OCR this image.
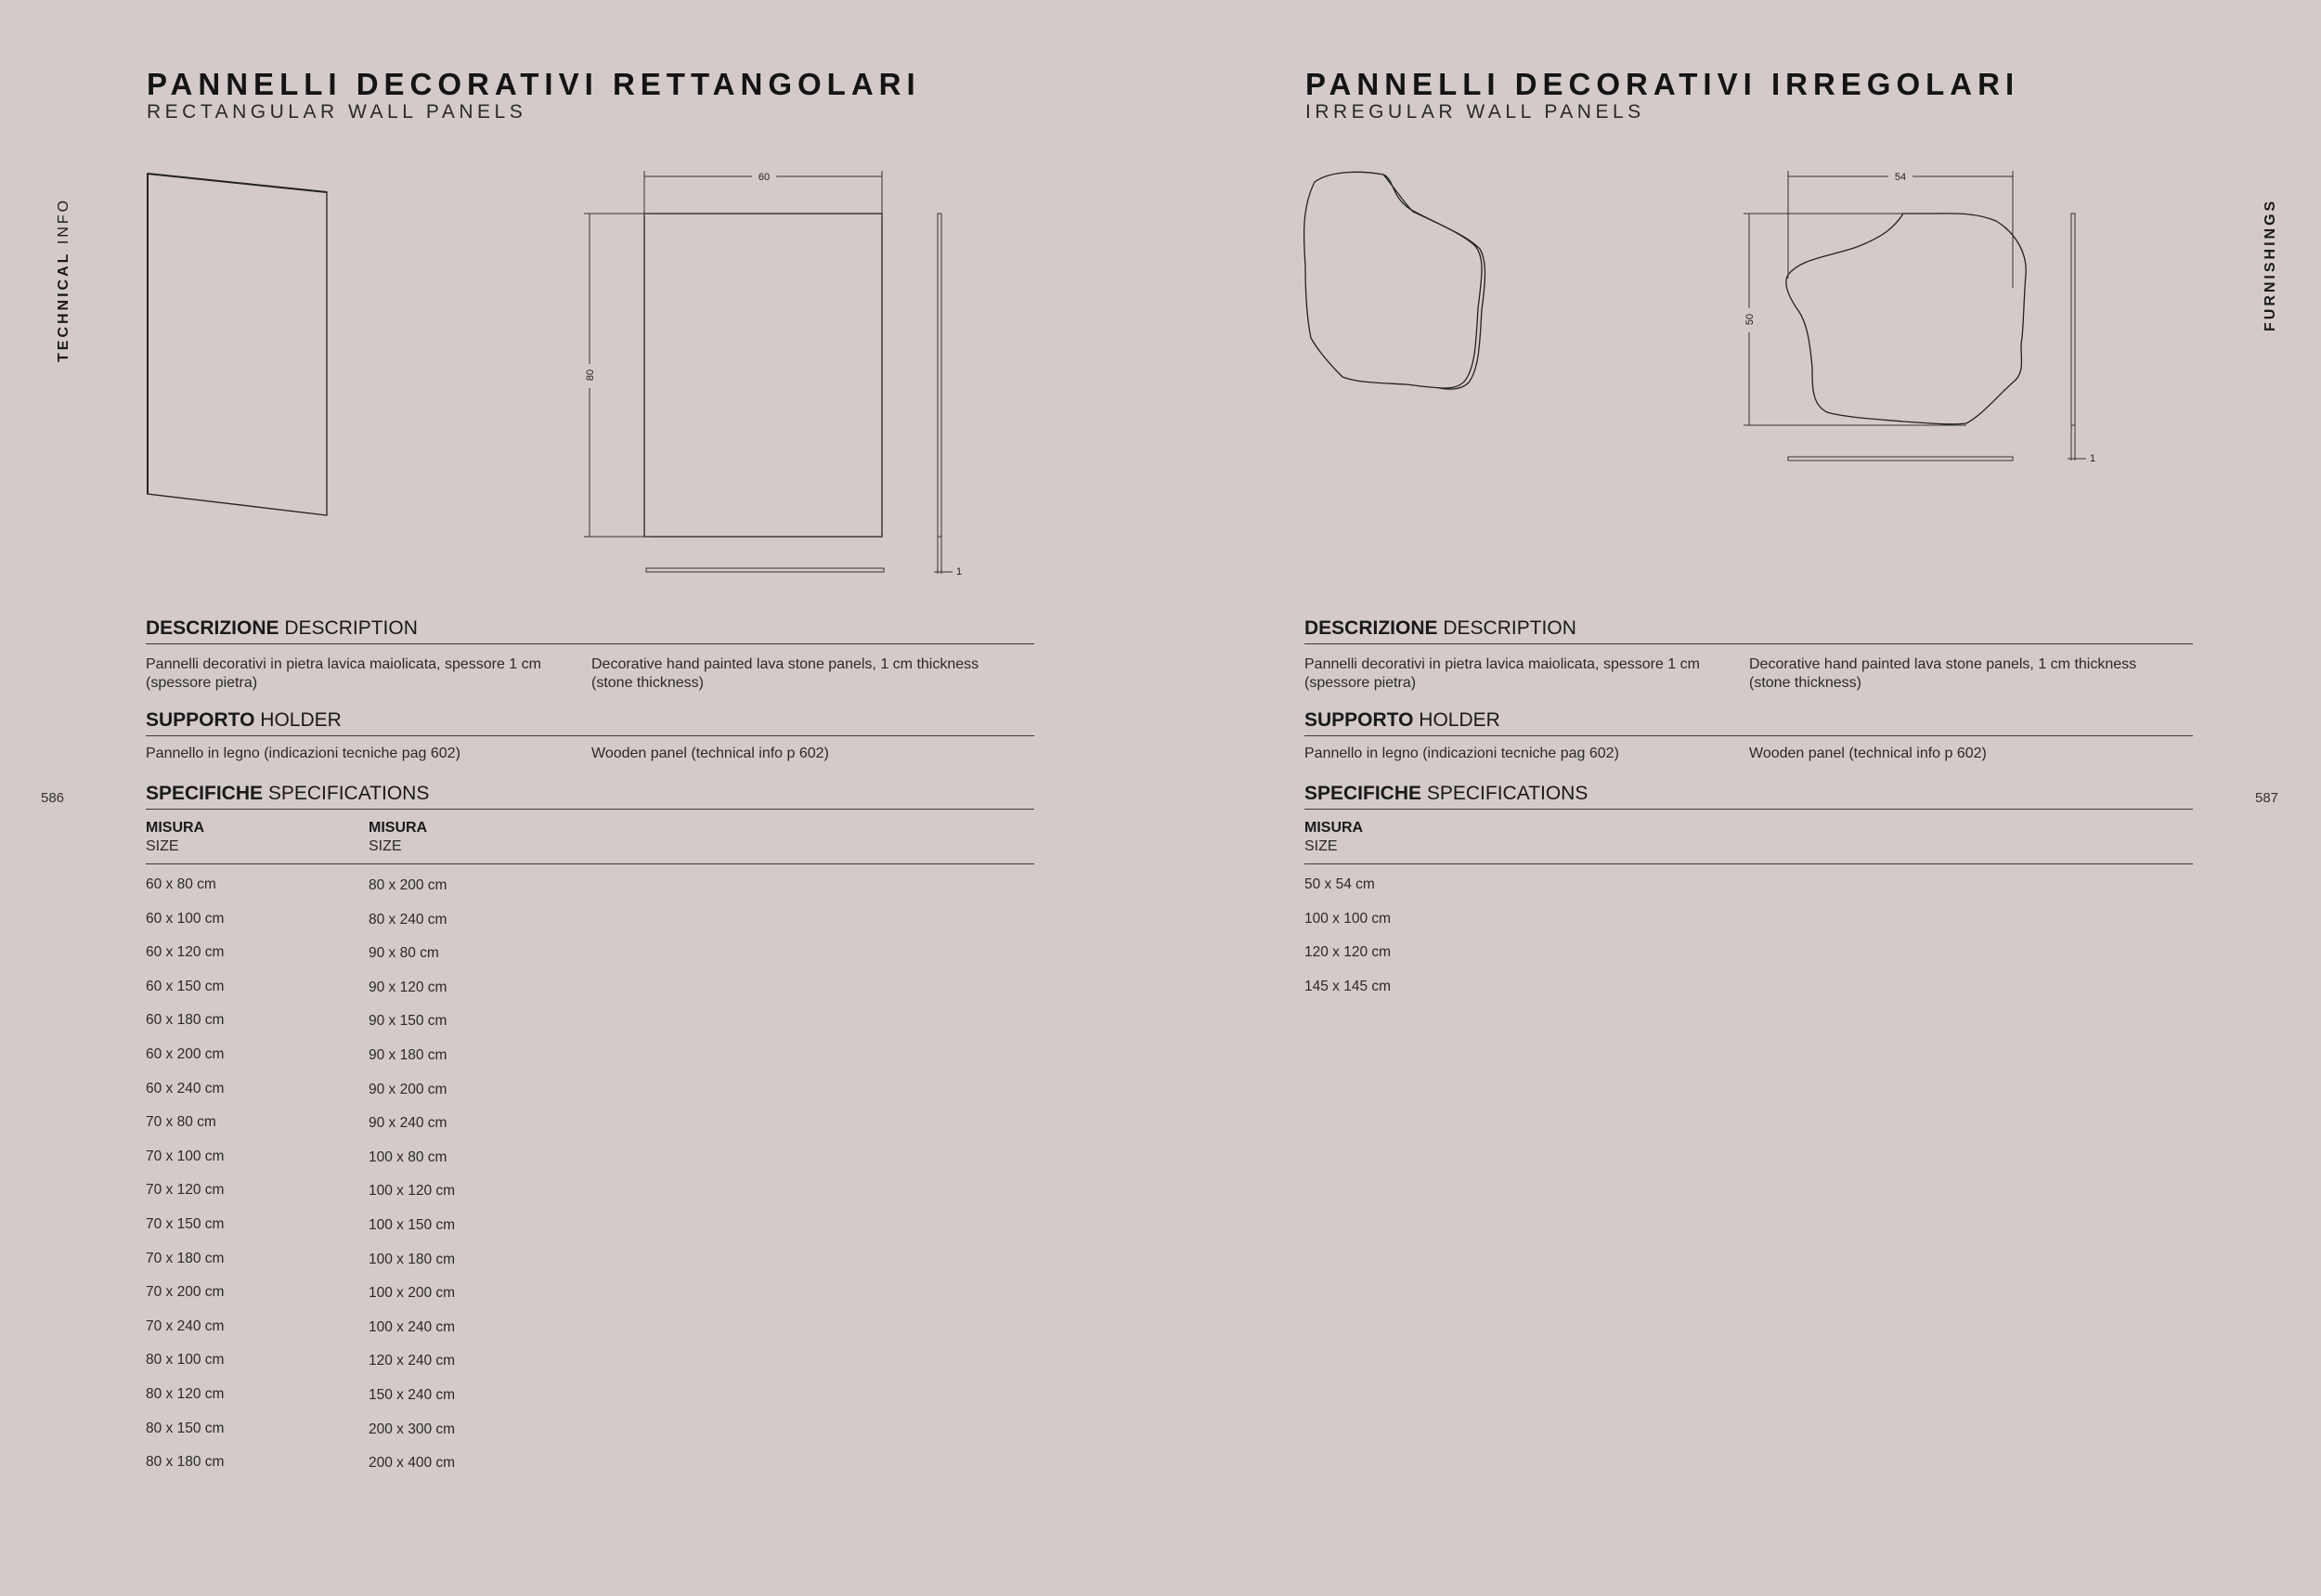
PANNELLI DECORATIVI RETTANGOLARI
RECTANGULAR WALL PANELS
TECHNICAL INFO
586
60
80
1
DESCRIZIONE DESCRIPTION
Pannelli decorativi in pietra lavica maiolicata, spessore 1 cm (spessore pietra)
Decorative hand painted lava stone panels, 1 cm thickness (stone thickness)
SUPPORTO HOLDER
Pannello in legno (indicazioni tecniche pag 602)	Wooden panel (technical info p 602)
SPECIFICHE SPECIFICATIONS
MISURA
SIZE
MISURA
SIZE
60 x 80 cm
60 x 100 cm
60 x 120 cm
60 x 150 cm
60 x 180 cm
60 x 200 cm
60 x 240 cm
70 x 80 cm
70 x 100 cm
70 x 120 cm
70 x 150 cm
70 x 180 cm
70 x 200 cm
70 x 240 cm
80 x 100 cm
80 x 120 cm
80 x 150 cm
80 x 180 cm
80 x 200 cm
80 x 240 cm
90 x 80 cm
90 x 120 cm
90 x 150 cm
90 x 180 cm
90 x 200 cm
90 x 240 cm
100 x 80 cm
100 x 120 cm
100 x 150 cm
100 x 180 cm
100 x 200 cm
100 x 240 cm
120 x 240 cm
150 x 240 cm
200 x 300 cm
200 x 400 cm
PANNELLI DECORATIVI IRREGOLARI
IRREGULAR WALL PANELS
587
54
50
1
DESCRIZIONE DESCRIPTION
Pannelli decorativi in pietra lavica maiolicata, spessore 1 cm (spessore pietra)
Decorative hand painted lava stone panels, 1 cm thickness (stone thickness)
SUPPORTO HOLDER
Pannello in legno (indicazioni tecniche pag 602)	Wooden panel (technical info p 602)
SPECIFICHE SPECIFICATIONS
MISURA
SIZE
50 x 54 cm
100 x 100 cm
120 x 120 cm
145 x 145 cm
FURNISHINGS
